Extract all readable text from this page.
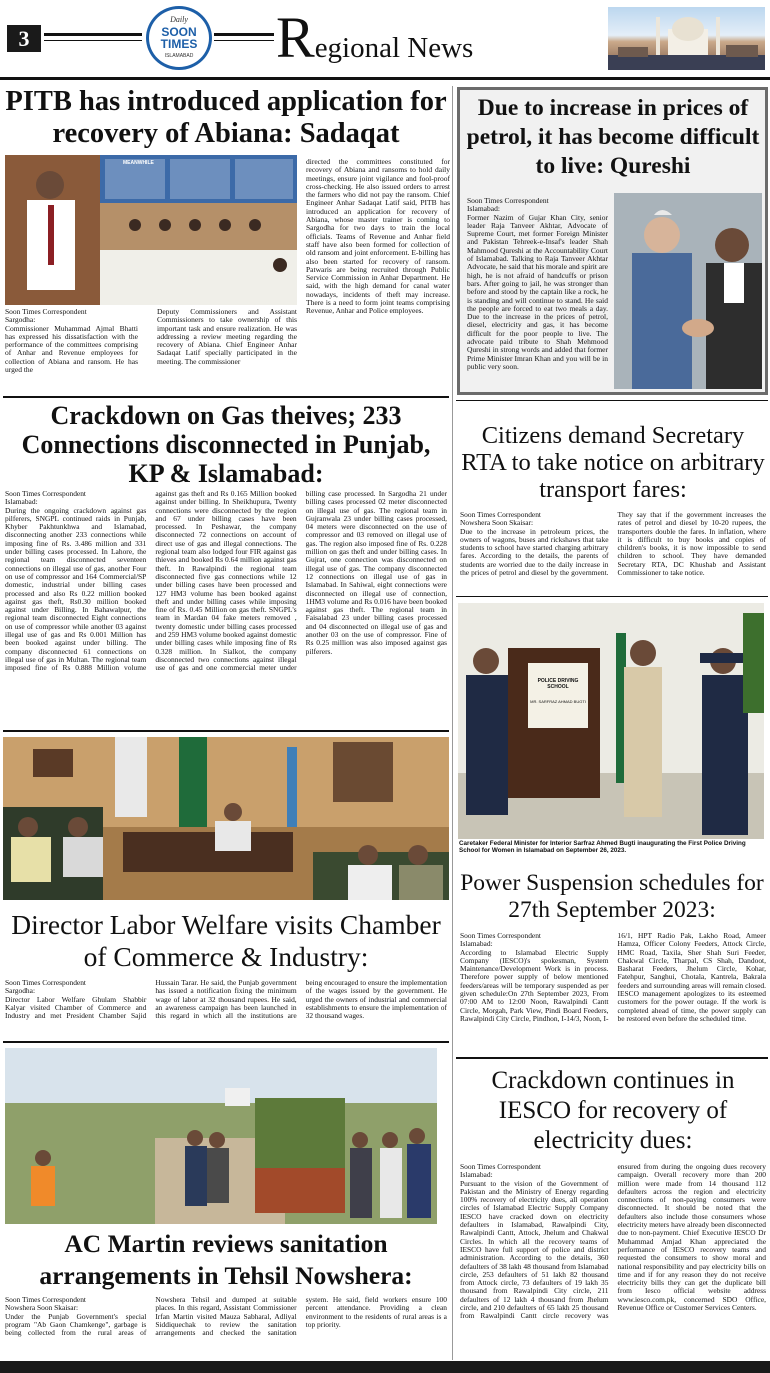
3
Daily
SOON TIMES
ISLAMABAD Regional News
PITB has introduced application for recovery of Abiana: Sadaqat
MEANWHILE
Soon Times Correspondent
Sargodha:
Commissioner Muhammad Ajmal Bhatti has expressed his dissatisfaction with the performance of the committees comprising of Anhar and Revenue employees for collection of Abiana and ransom. He has urged the
Deputy Commissioners and Assistant Commissioners to take ownership of this important task and ensure realization. He was addressing a review meeting regarding the recovery of Abiana. Chief Engineer Anhar Sadaqat Latif specially participated in the meeting. The commissioner
directed the committees constituted for recovery of Abiana and ransoms to hold daily meetings, ensure joint vigilance and fool-proof cross-checking. He also issued orders to arrest the farmers who did not pay the ransom. Chief Engineer Anhar Sadaqat Latif said, PITB has introduced an application for recovery of Abiana, whose master trainer is coming to Sargodha for two days to train the local officials. Teams of Revenue and Anhar field staff have also been formed for collection of old ransom and joint enforcement. E-billing has also been started for recovery of ransom. Patwaris are being recruited through Public Service Commission in Anhar Department. He said, with the high demand for canal water nowadays, incidents of theft may increase. There is a need to form joint teams comprising Revenue, Anhar and Police employees.
Due to increase in prices of petrol, it has become difficult to live: Qureshi
Soon Times Correspondent
Islamabad:
Former Nazim of Gujar Khan City, senior leader Raja Tanveer Akhtar, Advocate of Supreme Court, met former Foreign Minister and Pakistan Tehreek-e-Insaf's leader Shah Mahmood Qureshi at the Accountability Court of Islamabad. Talking to Raja Tanveer Akhtar Advocate, he said that his morale and spirit are high, he is not afraid of handcuffs or prison bars. After going to jail, he was stronger than before and stood by the captain like a rock, he is standing and will continue to stand. He said the people are forced to eat two meals a day. Due to the increase in the prices of petrol, diesel, electricity and gas, it has become difficult for the poor people to live. The advocate paid tribute to Shah Mehmood Qureshi in strong words and added that former Prime Minister Imran Khan and you will be in public very soon.
Crackdown on Gas theives; 233 Connections disconnected in Punjab, KP & Islamabad:
Soon Times Correspondent
Islamabad:
During the ongoing crackdown against gas pilferers, SNGPL continued raids in Punjab, Khyber Pakhtunkhwa and Islamabad, disconnecting another 233 connections while imposing fine of Rs. 3.486 million and 331 under billing cases processed. In Lahore, the regional team disconnected seventeen connections on illegal use of gas, another Four on use of compressor and 164 Commercial/SP domestic, industrial under billing cases processed and also Rs 0.22 million booked against gas theft, Rs0.30 million booked against under Billing. In Bahawalpur, the regional team disconnected Eight connections on use of compressor while another 03 against illegal use of gas and Rs 0.001 Million has been booked against under billing. The company disconnected 61 connections on illegal use of gas in Multan. The regional team imposed fine of Rs 0.888 Million volume against gas theft and Rs 0.165 Million booked against under billing. In Sheikhupura, Twenty connections were disconnected by the region and 67 under billing cases have been processed. In Peshawar, the company disconnected 72 connections on account of direct use of gas and illegal connections. The regional team also lodged four FIR against gas thieves and booked Rs 0.64 million against gas theft. In Rawalpindi the regional team disconnected five gas connections while 12 under billing cases have been processed and 127 HM3 volume has been booked against theft and under billing cases while imposing fine of Rs. 0.45 Million on gas theft. SNGPL's team in Mardan 04 fake meters removed , twenty domestic under billing cases processed and 259 HM3 volume booked against domestic under billing cases while imposing fine of Rs 0.328 million. In Sialkot, the company disconnected two connections against illegal use of gas and one commercial meter under billing case processed. In Sargodha 21 under billing cases processed 02 meter disconnected on illegal use of gas. The regional team in Gujranwala 23 under billing cases processed, 04 meters were disconnected on the use of compressor and 03 removed on illegal use of gas. The region also imposed fine of Rs. 0.228 million on gas theft and under billing cases. In Gujrat, one connection was disconnected on illegal use of gas. The company disconnected 12 connections on illegal use of gas in Islamabad. In Sahiwal, eight connections were disconnected on illegal use of connection, 1HM3 volume and Rs 0.016 have been booked against gas theft. The regional team in Faisalabad 23 under billing cases processed and 04 disconnected on illegal use of gas and another 03 on the use of compressor. Fine of Rs 0.25 million was also imposed against gas pilferers.
Director Labor Welfare visits Chamber of Commerce & Industry:
Soon Times Correspondent
Sargodha:
Director Labor Welfare Ghulam Shabbir Kalyar visited Chamber of Commerce and Industry and met President Chamber Sajid Hussain Tarar. He said, the Punjab government has issued a notification fixing the minimum wage of labor at 32 thousand rupees. He said, an awareness campaign has been launched in this regard in which all the institutions are being encouraged to ensure the implementation of the wages issued by the government. He urged the owners of industrial and commercial establishments to ensure the implementation of 32 thousand wages.
AC Martin reviews sanitation arrangements in Tehsil Nowshera:
Soon Times Correspondent
Nowshera Soon Skaisar:
Under the Punjab Government's special program "Ab Gaon Chamkenge", garbage is being collected from the rural areas of Nowshera Tehsil and dumped at suitable places. In this regard, Assistant Commissioner Irfan Martin visited Mauza Sabharal, Adliyal Siddiquechak to review the sanitation arrangements and checked the sanitation system. He said, field workers ensure 100 percent attendance. Providing a clean environment to the residents of rural areas is a top priority.
Citizens demand Secretary RTA to take notice on arbitrary transport fares:
Soon Times Correspondent
Nowshera Soon Skaisar:
Due to the increase in petroleum prices, the owners of wagons, buses and rickshaws that take students to school have started charging arbitrary fares. According to the details, the parents of students are worried due to the daily increase in the prices of petrol and diesel by the government. They say that if the government increases the rates of petrol and diesel by 10-20 rupees, the transporters double the fares. In inflation, where it is difficult to buy books and copies of children's books, it is now impossible to send children to school. They have demanded Secretary RTA, DC Khushab and Assistant Commissioner to take notice.
POLICE DRIVING SCHOOL
MR. SARFRAZ AHMAD BUGTI
Caretaker Federal Minister for Interior Sarfraz Ahmed Bugti inaugurating the First Police Driving School for Women in Islamabad on September 26, 2023.
Power Suspension schedules for 27th September 2023:
Soon Times Correspondent
Islamabad:
According to Islamabad Electric Supply Company (IESCO)'s spokesman, System Maintenance/Development Work is in process. Therefore power supply of below mentioned feeders/areas will be temporary suspended as per given schedule:On 27th September 2023, From 07:00 AM to 12:00 Noon, Rawalpindi Cantt Circle, Morgah, Park View, Pindi Board Feeders, Rawalpindi City Circle, Pindhon, I-14/3, Noon, I-16/1, HPT Radio Pak, Lakho Road, Ameer Hamza, Officer Colony Feeders, Attock Circle, HMC Road, Taxila, Sher Shah Suri Feeder, Chakwal Circle, Tharpal, CS Shah, Dandoot, Basharat Feeders, Jhelum Circle, Kohar, Fatehpur, Sanghui, Chotala, Kantrela, Bakrala feeders and surrounding areas will remain closed. IESCO management apologizes to its esteemed customers for the power outage. If the work is completed ahead of time, the power supply can be restored even before the scheduled time.
Crackdown continues in IESCO for recovery of electricity dues:
Soon Times Correspondent
Islamabad:
Pursuant to the vision of the Government of Pakistan and the Ministry of Energy regarding 100% recovery of electricity dues, all operation circles of Islamabad Electric Supply Company IESCO have cracked down on electricity defaulters in Islamabad, Rawalpindi City, Rawalpindi Cantt, Attock, Jhelum and Chakwal Circles. In which all the recovery teams of IESCO have full support of police and district administration. According to the details, 360 defaulters of 38 lakh 48 thousand from Islamabad circle, 253 defaulters of 51 lakh 82 thousand from Attock circle, 73 defaulters of 19 lakh 35 thousand from Rawalpindi City circle, 211 defaulters of 12 lakh 4 thousand from Jhelum circle, and 210 defaulters of 65 lakh 25 thousand from Rawalpindi Cantt circle recovery was ensured from during the ongoing dues recovery campaign. Overall recovery more than 200 million were made from 14 thousand 112 defaulters across the region and electricity connections of non-paying consumers were disconnected. It should be noted that the defaulters also include those consumers whose electricity meters have already been disconnected due to non-payment. Chief Executive IESCO Dr Muhammad Amjad Khan appreciated the performance of IESCO recovery teams and requested the consumers to show moral and national responsibility and pay electricity bills on time and if for any reason they do not receive electricity bills they can get the duplicate bill from Iesco official website address www.iesco.com.pk, concerned SDO Office, Revenue Office or Customer Services Centers.
